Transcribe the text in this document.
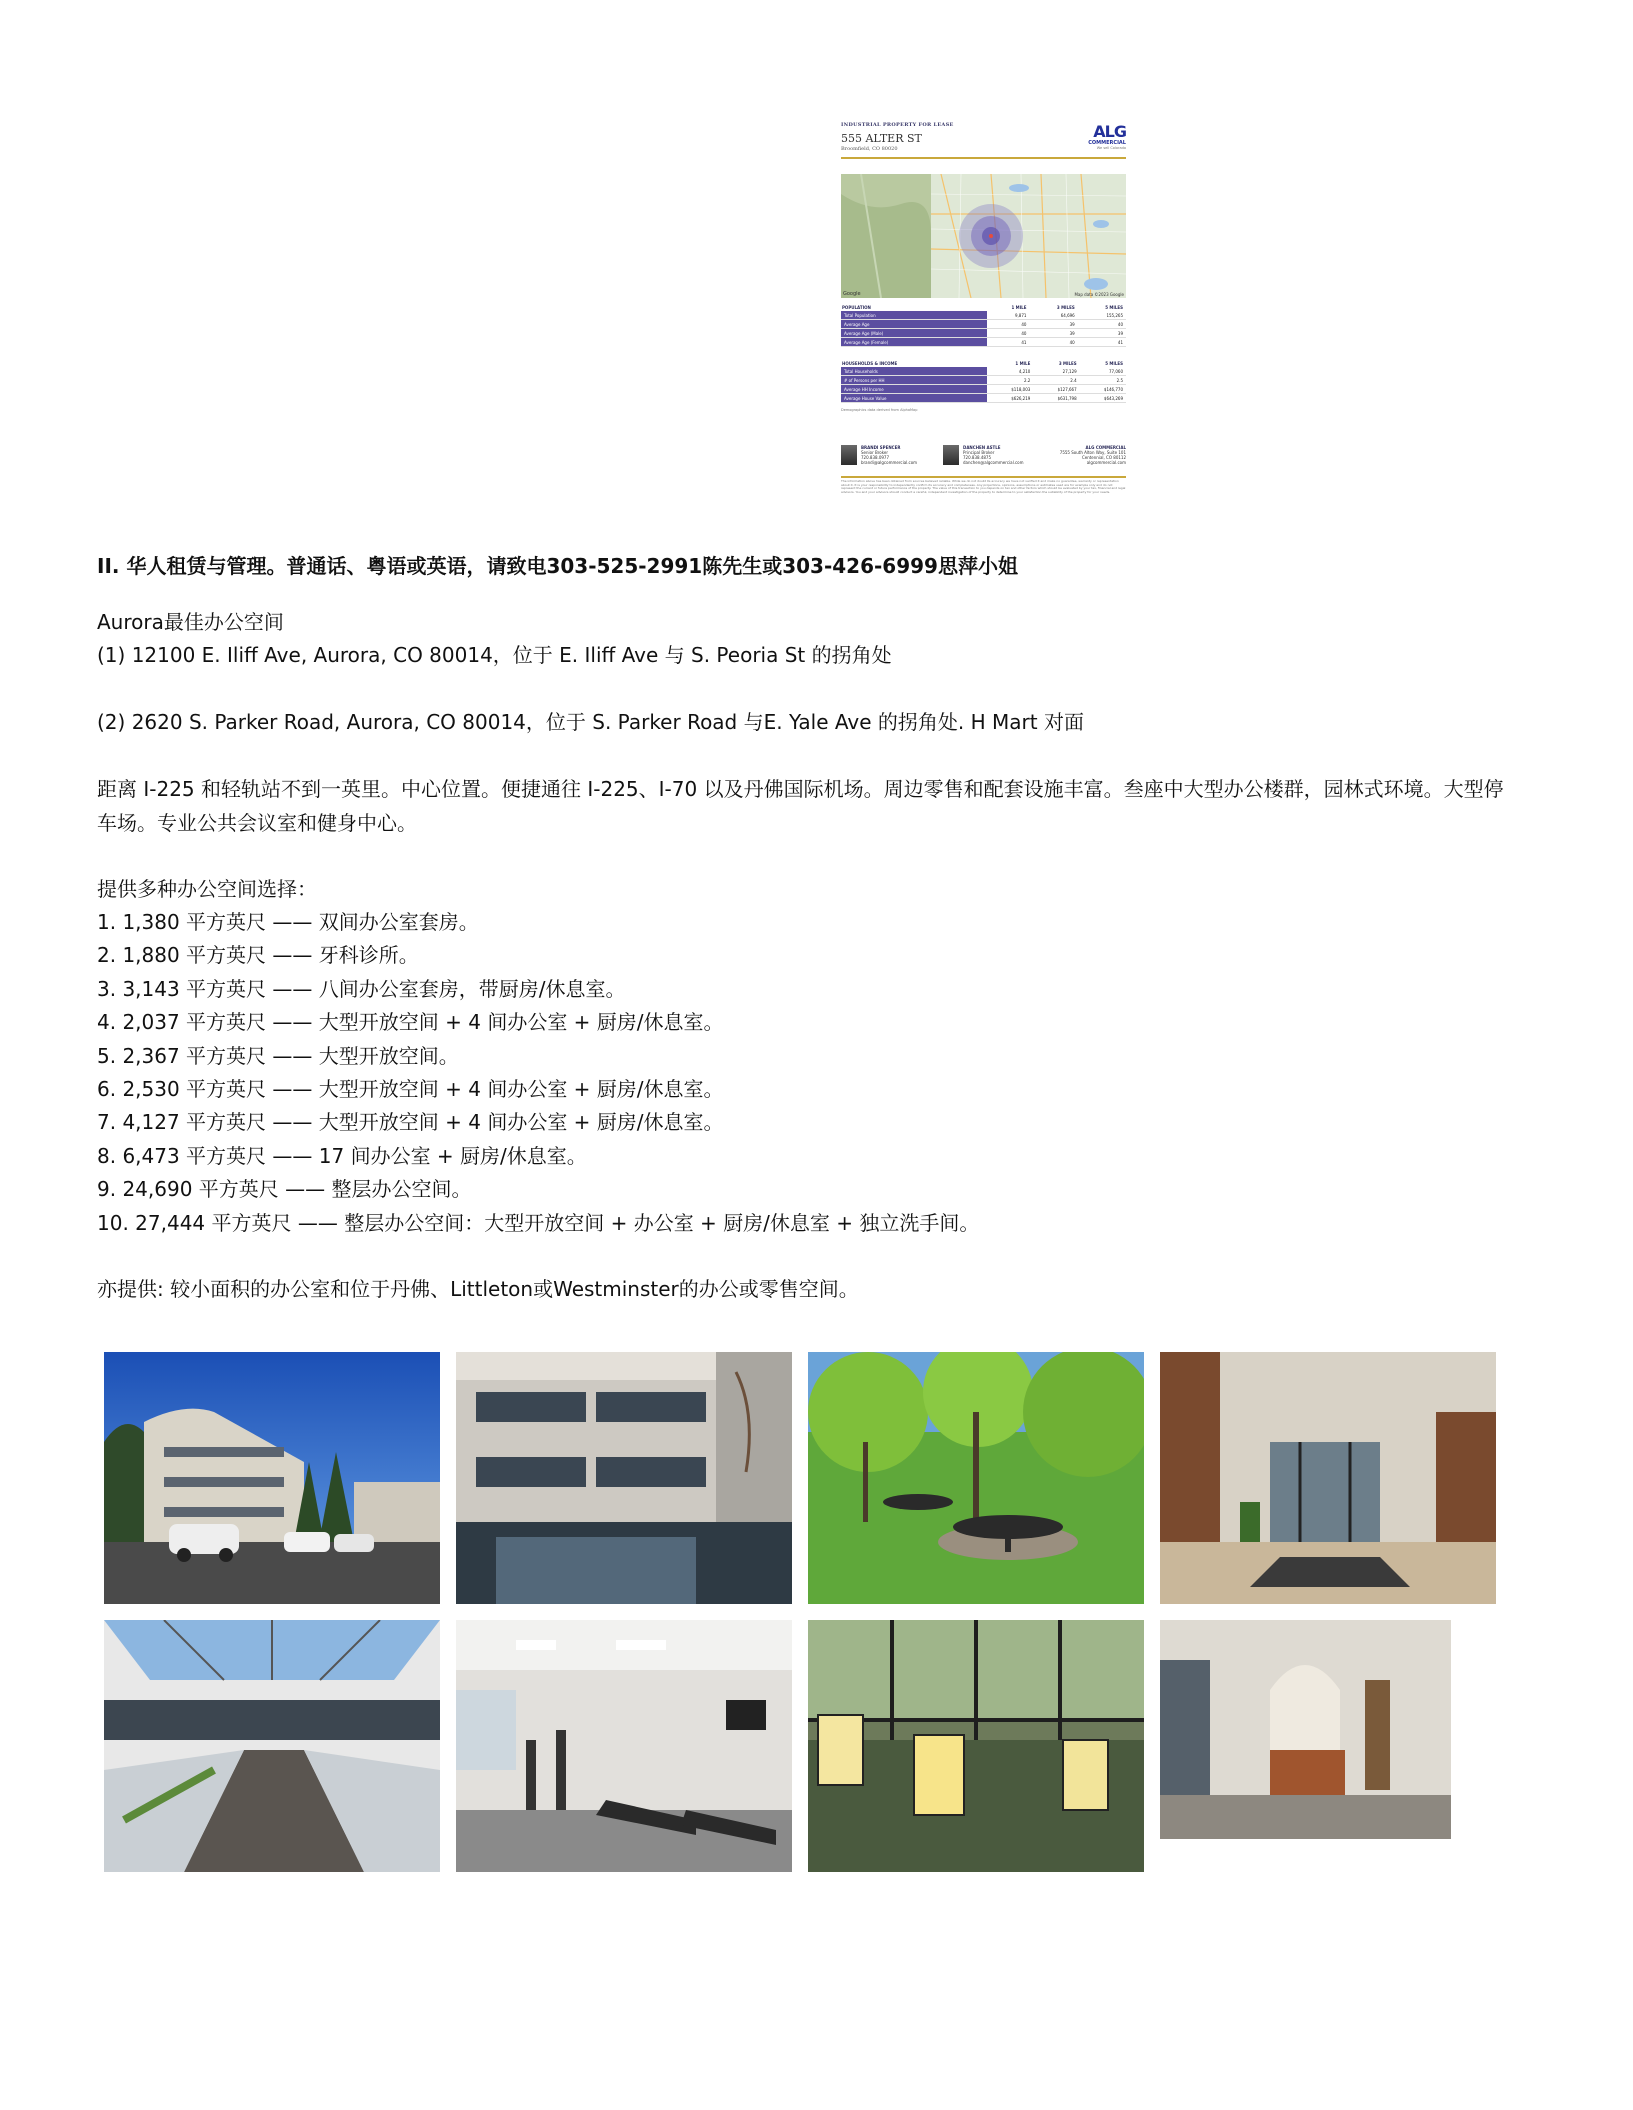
INDUSTRIAL PROPERTY FOR LEASE
555 ALTER ST
Broomfield, CO 80020
ALG
COMMERCIAL
We sell Colorado
Google	Map data ©2023 Google
POPULATION	1 MILE	3 MILES	5 MILES
Total Population	9,871	64,696	155,265
Average Age	40	39	40
Average Age (Male)	40	39	39
Average Age (Female)	41	40	41
HOUSEHOLDS & INCOME	1 MILE	3 MILES	5 MILES
Total Households	4,210	27,129	77,060
# of Persons per HH	2.2	2.4	2.5
Average HH Income	$118,003	$127,667	$146,770
Average House Value	$626,219	$631,798	$643,269
Demographics data derived from AlphaMap
BRANDI SPENCER
Senior Broker
720.838.0977
brandi@algcommercial.com
DANCHEN ASTLE
Principal Broker
720.838.4875
danchen@algcommercial.com
ALG COMMERCIAL
7555 South Alton Way, Suite 101
Centennial, CO 80112
algcommercial.com
The information above has been obtained from sources believed reliable. While we do not doubt its accuracy we have not verified it and make no guarantee, warranty or representation about it. It is your responsibility to independently confirm its accuracy and completeness. Any projections, opinions, assumptions or estimates used are for example only and do not represent the current or future performance of the property. The value of this transaction to you depends on tax and other factors which should be evaluated by your tax, financial and legal advisors. You and your advisors should conduct a careful, independent investigation of the property to determine to your satisfaction the suitability of the property for your needs.
II. 华人租赁与管理。普通话、粤语或英语，请致电303-525-2991陈先生或303-426-6999思萍小姐
Aurora最佳办公空间
(1) 12100 E. Iliff Ave, Aurora, CO 80014，位于 E. Iliff Ave 与 S. Peoria St 的拐角处
(2) 2620 S. Parker Road, Aurora, CO 80014，位于 S. Parker Road 与E. Yale Ave 的拐角处. H Mart 对面
距离 I-225 和轻轨站不到一英里。中心位置。便捷通往 I-225、I-70 以及丹佛国际机场。周边零售和配套设施丰富。叁座中大型办公楼群，园林式环境。大型停车场。专业公共会议室和健身中心。
提供多种办公空间选择：
1. 1,380 平方英尺 —— 双间办公室套房。
2. 1,880 平方英尺 —— 牙科诊所。
3. 3,143 平方英尺 —— 八间办公室套房，带厨房/休息室。
4. 2,037 平方英尺 —— 大型开放空间 + 4 间办公室 + 厨房/休息室。
5. 2,367 平方英尺 —— 大型开放空间。
6. 2,530 平方英尺 —— 大型开放空间 + 4 间办公室 + 厨房/休息室。
7. 4,127 平方英尺 —— 大型开放空间 + 4 间办公室 + 厨房/休息室。
8. 6,473 平方英尺 —— 17 间办公室 + 厨房/休息室。
9. 24,690 平方英尺 —— 整层办公空间。
10. 27,444 平方英尺 —— 整层办公空间：大型开放空间 + 办公室 + 厨房/休息室 + 独立洗手间。
亦提供: 较小面积的办公室和位于丹佛、Littleton或Westminster的办公或零售空间。
